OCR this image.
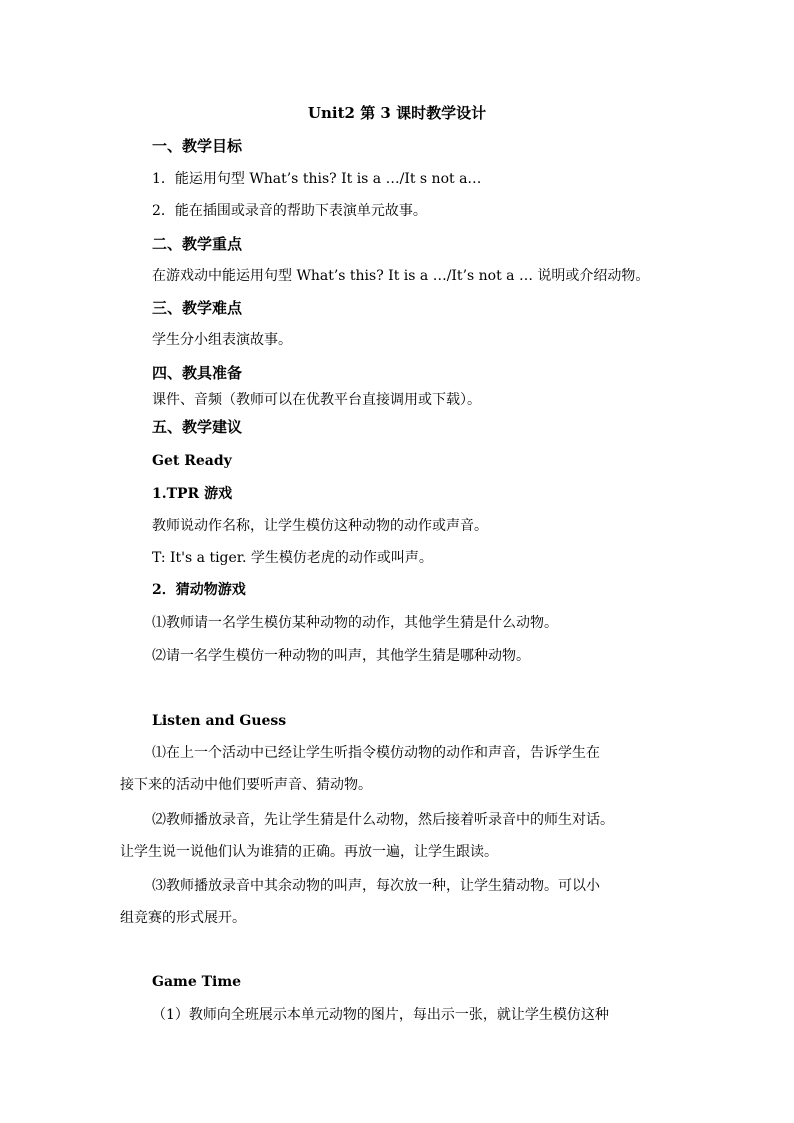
Unit2 第 3 课时教学设计
一、教学目标
1．能运用句型 What’s this? It is a …/It s not a…
2．能在插围或录音的帮助下表演单元故事。
二、教学重点
在游戏动中能运用句型 What’s this? It is a …/It’s not a … 说明或介绍动物。
三、教学难点
学生分小组表演故事。
四、教具准备
课件、音频（教师可以在优教平台直接调用或下载）。
五、教学建议
Get Ready
1.TPR 游戏
教师说动作名称，让学生模仿这种动物的动作或声音。
T: It's a tiger. 学生模仿老虎的动作或叫声。
2．猜动物游戏
⑴教师请一名学生模仿某种动物的动作，其他学生猜是什么动物。
⑵请一名学生模仿一种动物的叫声，其他学生猜是哪种动物。
Listen and Guess
⑴在上一个活动中已经让学生听指令模仿动物的动作和声音，告诉学生在
接下来的活动中他们要听声音、猜动物。
⑵教师播放录音，先让学生猜是什么动物，然后接着听录音中的师生对话。
让学生说一说他们认为谁猜的正确。再放一遍，让学生跟读。
⑶教师播放录音中其余动物的叫声，每次放一种，让学生猜动物。可以小
组竞赛的形式展开。
Game Time
（1）教师向全班展示本单元动物的图片，每出示一张，就让学生模仿这种
